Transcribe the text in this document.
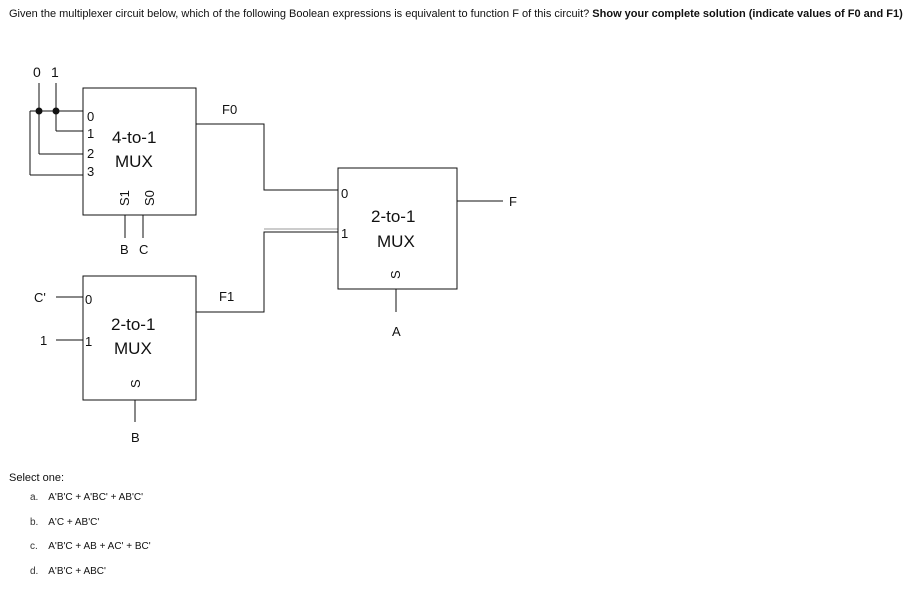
Given the multiplexer circuit below, which of the following Boolean expressions is equivalent to function F of this circuit? Show your complete solution (indicate values of F0 and F1)
0 1
0
1
2
3
4-to-1
MUX
S1 S0
B C
F0
C'
1
0
1
2-to-1
MUX
S
B
F1
0
1
2-to-1
MUX
S
A
F
Select one:
a. A'B'C + A'BC' + AB'C'
b. A'C + AB'C'
c. A'B'C + AB + AC' + BC'
d. A'B'C + ABC'
